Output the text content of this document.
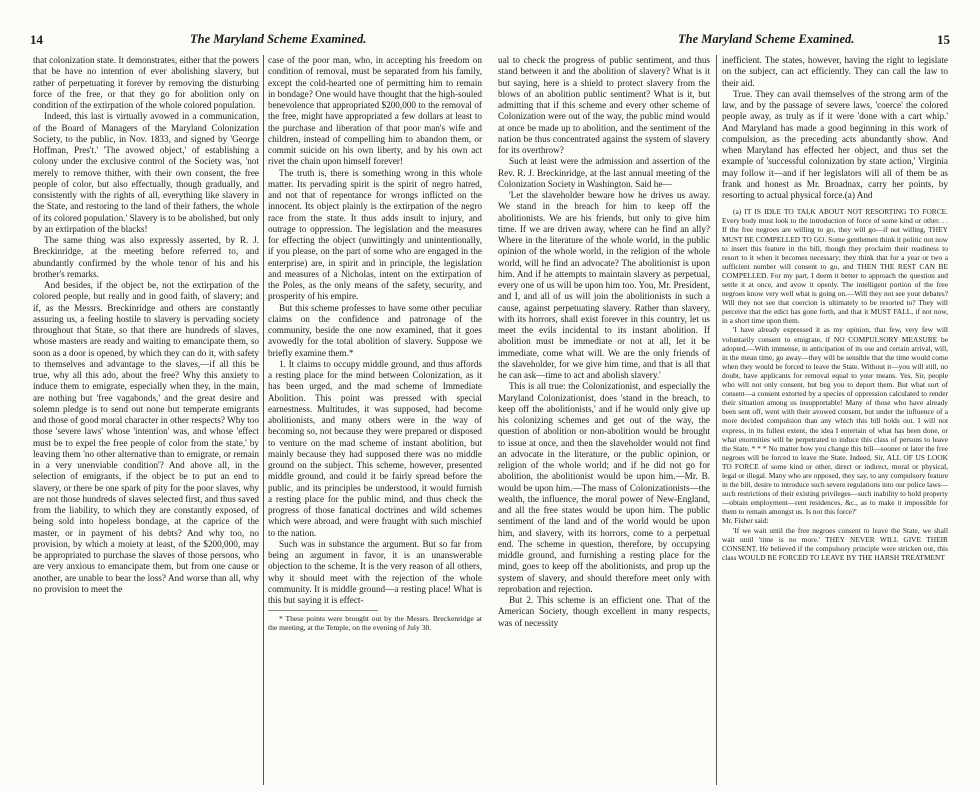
14	The Maryland Scheme Examined.

that colonization state. It demonstrates, either that the powers that be have no intention of ever abolishing slavery, but rather of perpetuating it forever by removing the disturbing force of the free, or that they go for abolition only on condition of the extirpation of the whole colored population.

Indeed, this last is virtually avowed in a communication, of the Board of Managers of the Maryland Colonization Society, to the public, in Nov. 1833, and signed by 'George Hoffman, Pres't.' 'The avowed object,' of establishing a colony under the exclusive control of the Society was, 'not merely to remove thither, with their own consent, the free people of color, but also effectually, though gradually, and consistently with the rights of all, everything like slavery in the State, and restoring to the land of their fathers, the whole of its colored population.' Slavery is to be abolished, but only by an extirpation of the blacks!

The same thing was also expressly asserted, by R. J. Breckinridge, at the meeting before referred to, and abundantly confirmed by the whole tenor of his and his brother's remarks.

And besides, if the object be, not the extirpation of the colored people, but really and in good faith, of slavery; and if, as the Messrs. Breckinridge and others are constantly assuring us, a feeling hostile to slavery is pervading society throughout that State, so that there are hundreds of slaves, whose masters are ready and waiting to emancipate them, so soon as a door is opened, by which they can do it, with safety to themselves and advantage to the slaves,—if all this be true, why all this ado, about the free? Why this anxiety to induce them to emigrate, especially when they, in the main, are nothing but 'free vagabonds,' and the great desire and solemn pledge is to send out none but temperate emigrants and those of good moral character in other respects? Why too those 'severe laws' whose 'intention' was, and whose 'effect must be to expel the free people of color from the state,' by leaving them 'no other alternative than to emigrate, or remain in a very unenviable condition'? And above all, in the selection of emigrants, if the object be to put an end to slavery, or there be one spark of pity for the poor slaves, why are not those hundreds of slaves selected first, and thus saved from the liability, to which they are constantly exposed, of being sold into hopeless bondage, at the caprice of the master, or in payment of his debts? And why too, no provision, by which a moiety at least, of the $200,000, may be appropriated to purchase the slaves of those persons, who are very anxious to emancipate them, but from one cause or another, are unable to bear the loss? And worse than all, why no provision to meet the

case of the poor man, who, in accepting his freedom on condition of removal, must be separated from his family, except the cold-hearted one of permitting him to remain in bondage? One would have thought that the high-souled benevolence that appropriated $200,000 to the removal of the free, might have appropriated a few dollars at least to the purchase and liberation of that poor man's wife and children, instead of compelling him to abandon them, or commit suicide on his own liberty, and by his own act rivet the chain upon himself forever!

The truth is, there is something wrong in this whole matter. Its pervading spirit is the spirit of negro hatred, and not that of repentance for wrongs inflicted on the innocent. Its object plainly is the extirpation of the negro race from the state. It thus adds insult to injury, and outrage to oppression. The legislation and the measures for effecting the object (unwittingly and unintentionally, if you please, on the part of some who are engaged in the enterprise) are, in spirit and in principle, the legislation and measures of a Nicholas, intent on the extirpation of the Poles, as the only means of the safety, security, and prosperity of his empire.

But this scheme professes to have some other peculiar claims on the confidence and patronage of the community, beside the one now examined, that it goes avowedly for the total abolition of slavery. Suppose we briefly examine them.*

1. It claims to occupy middle ground, and thus affords a resting place for the mind between Colonization, as it has been urged, and the mad scheme of Immediate Abolition. This point was pressed with special earnestness. Multitudes, it was supposed, had become abolitionists, and many others were in the way of becoming so, not because they were prepared or disposed to venture on the mad scheme of instant abolition, but mainly because they had supposed there was no middle ground on the subject. This scheme, however, presented middle ground, and could it be fairly spread before the public, and its principles be understood, it would furnish a resting place for the public mind, and thus check the progress of those fanatical doctrines and wild schemes which were abroad, and were fraught with such mischief to the nation.

Such was in substance the argument. But so far from being an argument in favor, it is an unanswerable objection to the scheme. It is the very reason of all others, why it should meet with the rejection of the whole community. It is middle ground—a resting place! What is this but saying it is effect-

* These points were brought out by the Messrs. Breckenridge at the meeting, at the Temple, on the evening of July 30.

The Maryland Scheme Examined.	15

ual to check the progress of public sentiment, and thus stand between it and the abolition of slavery? What is it but saying, here is a shield to protect slavery from the blows of an abolition public sentiment? What is it, but admitting that if this scheme and every other scheme of Colonization were out of the way, the public mind would at once be made up to abolition, and the sentiment of the nation be thus concentrated against the system of slavery for its overthrow?

Such at least were the admission and assertion of the Rev. R. J. Breckinridge, at the last annual meeting of the Colonization Society in Washington. Said he—

'Let the slaveholder beware how he drives us away. We stand in the breach for him to keep off the abolitionists. We are his friends, but only to give him time. If we are driven away, where can he find an ally? Where in the literature of the whole world, in the public opinion of the whole world, in the religion of the whole world, will he find an advocate? The abolitionist is upon him. And if he attempts to maintain slavery as perpetual, every one of us will be upon him too. You, Mr. President, and I, and all of us will join the abolitionists in such a cause, against perpetuating slavery. Rather than slavery, with its horrors, shall exist forever in this country, let us meet the evils incidental to its instant abolition. If abolition must be immediate or not at all, let it be immediate, come what will. We are the only friends of the slaveholder, for we give him time, and that is all that he can ask—time to act and abolish slavery.'

This is all true: the Colonizationist, and especially the Maryland Colonizationist, does 'stand in the breach, to keep off the abolitionists,' and if he would only give up his colonizing schemes and get out of the way, the question of abolition or non-abolition would be brought to issue at once, and then the slaveholder would not find an advocate in the literature, or the public opinion, or religion of the whole world; and if he did not go for abolition, the abolitionist would be upon him.—Mr. B. would be upon him.—The mass of Colonizationists—the wealth, the influence, the moral power of New-England, and all the free states would be upon him. The public sentiment of the land and of the world would be upon him, and slavery, with its horrors, come to a perpetual end. The scheme in question, therefore, by occupying middle ground, and furnishing a resting place for the mind, goes to keep off the abolitionists, and prop up the system of slavery, and should therefore meet only with reprobation and rejection.

But 2. This scheme is an efficient one. That of the American Society, though excellent in many respects, was of necessity

inefficient. The states, however, having the right to legislate on the subject, can act efficiently. They can call the law to their aid.

True. They can avail themselves of the strong arm of the law, and by the passage of severe laws, 'coerce' the colored people away, as truly as if it were 'done with a cart whip.' And Maryland has made a good beginning in this work of compulsion, as the preceding acts abundantly show. And when Maryland has effected her object, and thus set the example of 'successful colonization by state action,' Virginia may follow it—and if her legislators will all of them be as frank and honest as Mr. Broadnax, carry her points, by resorting to actual physical force.(a) And

(a) IT IS IDLE TO TALK ABOUT NOT RESORTING TO FORCE. Every body must look to the introduction of force of some kind or other. . . If the free negroes are willing to go, they will go—if not willing, THEY MUST BE COMPELLED TO GO. Some gentlemen think it politic not now to insert this feature in the bill, though they proclaim their readiness to resort to it when it becomes necessary; they think that for a year or two a sufficient number will consent to go, and THEN THE REST CAN BE COMPELLED. For my part, I deem it better to approach the question and settle it at once, and avow it openly. The intelligent portion of the free negroes know very well what is going on.—Will they not see your debates? Will they not see that coercion is ultimately to be resorted to? They will perceive that the edict has gone forth, and that it MUST FALL, if not now, in a short time upon them.

'I have already expressed it as my opinion, that few, very few will voluntarily consent to emigrate, if NO COMPULSORY MEASURE be adopted.—With immense, in anticipation of its use and certain arrival, will, in the mean time, go away—they will be sensible that the time would come when they would be forced to leave the State. Without it—you will still, no doubt, have applicants for removal equal to your means. Yes, Sir, people who will not only consent, but beg you to deport them. But what sort of consent—a consent extorted by a species of oppression calculated to render their situation among us insupportable! Many of those who have already been sent off, went with their avowed consent, but under the influence of a more decided compulsion than any which this bill holds out. I will not express, in its fullest extent, the idea I entertain of what has been done, or what enormities will be perpetrated to induce this class of persons to leave the State. * * * No matter how you change this bill—sooner or later the free negroes will be forced to leave the State. Indeed, Sir, ALL OF US LOOK TO FORCE of some kind or other, direct or indirect, moral or physical, legal or illegal. Many who are opposed, they say, to any compulsory feature in the bill, desire to introduce such severe regulations into our police laws—such restrictions of their existing privileges—such inability to hold property—obtain employment—rent residences, &c., as to make it impossible for them to remain amongst us. Is not this force?'

Mr. Fisher said:

'If we wait until the free negroes consent to leave the State, we shall wait until 'time is no more.' THEY NEVER WILL GIVE THEIR CONSENT. He believed if the compulsory principle were stricken out, this class WOULD BE FORCED TO LEAVE BY THE HARSH TREATMENT
